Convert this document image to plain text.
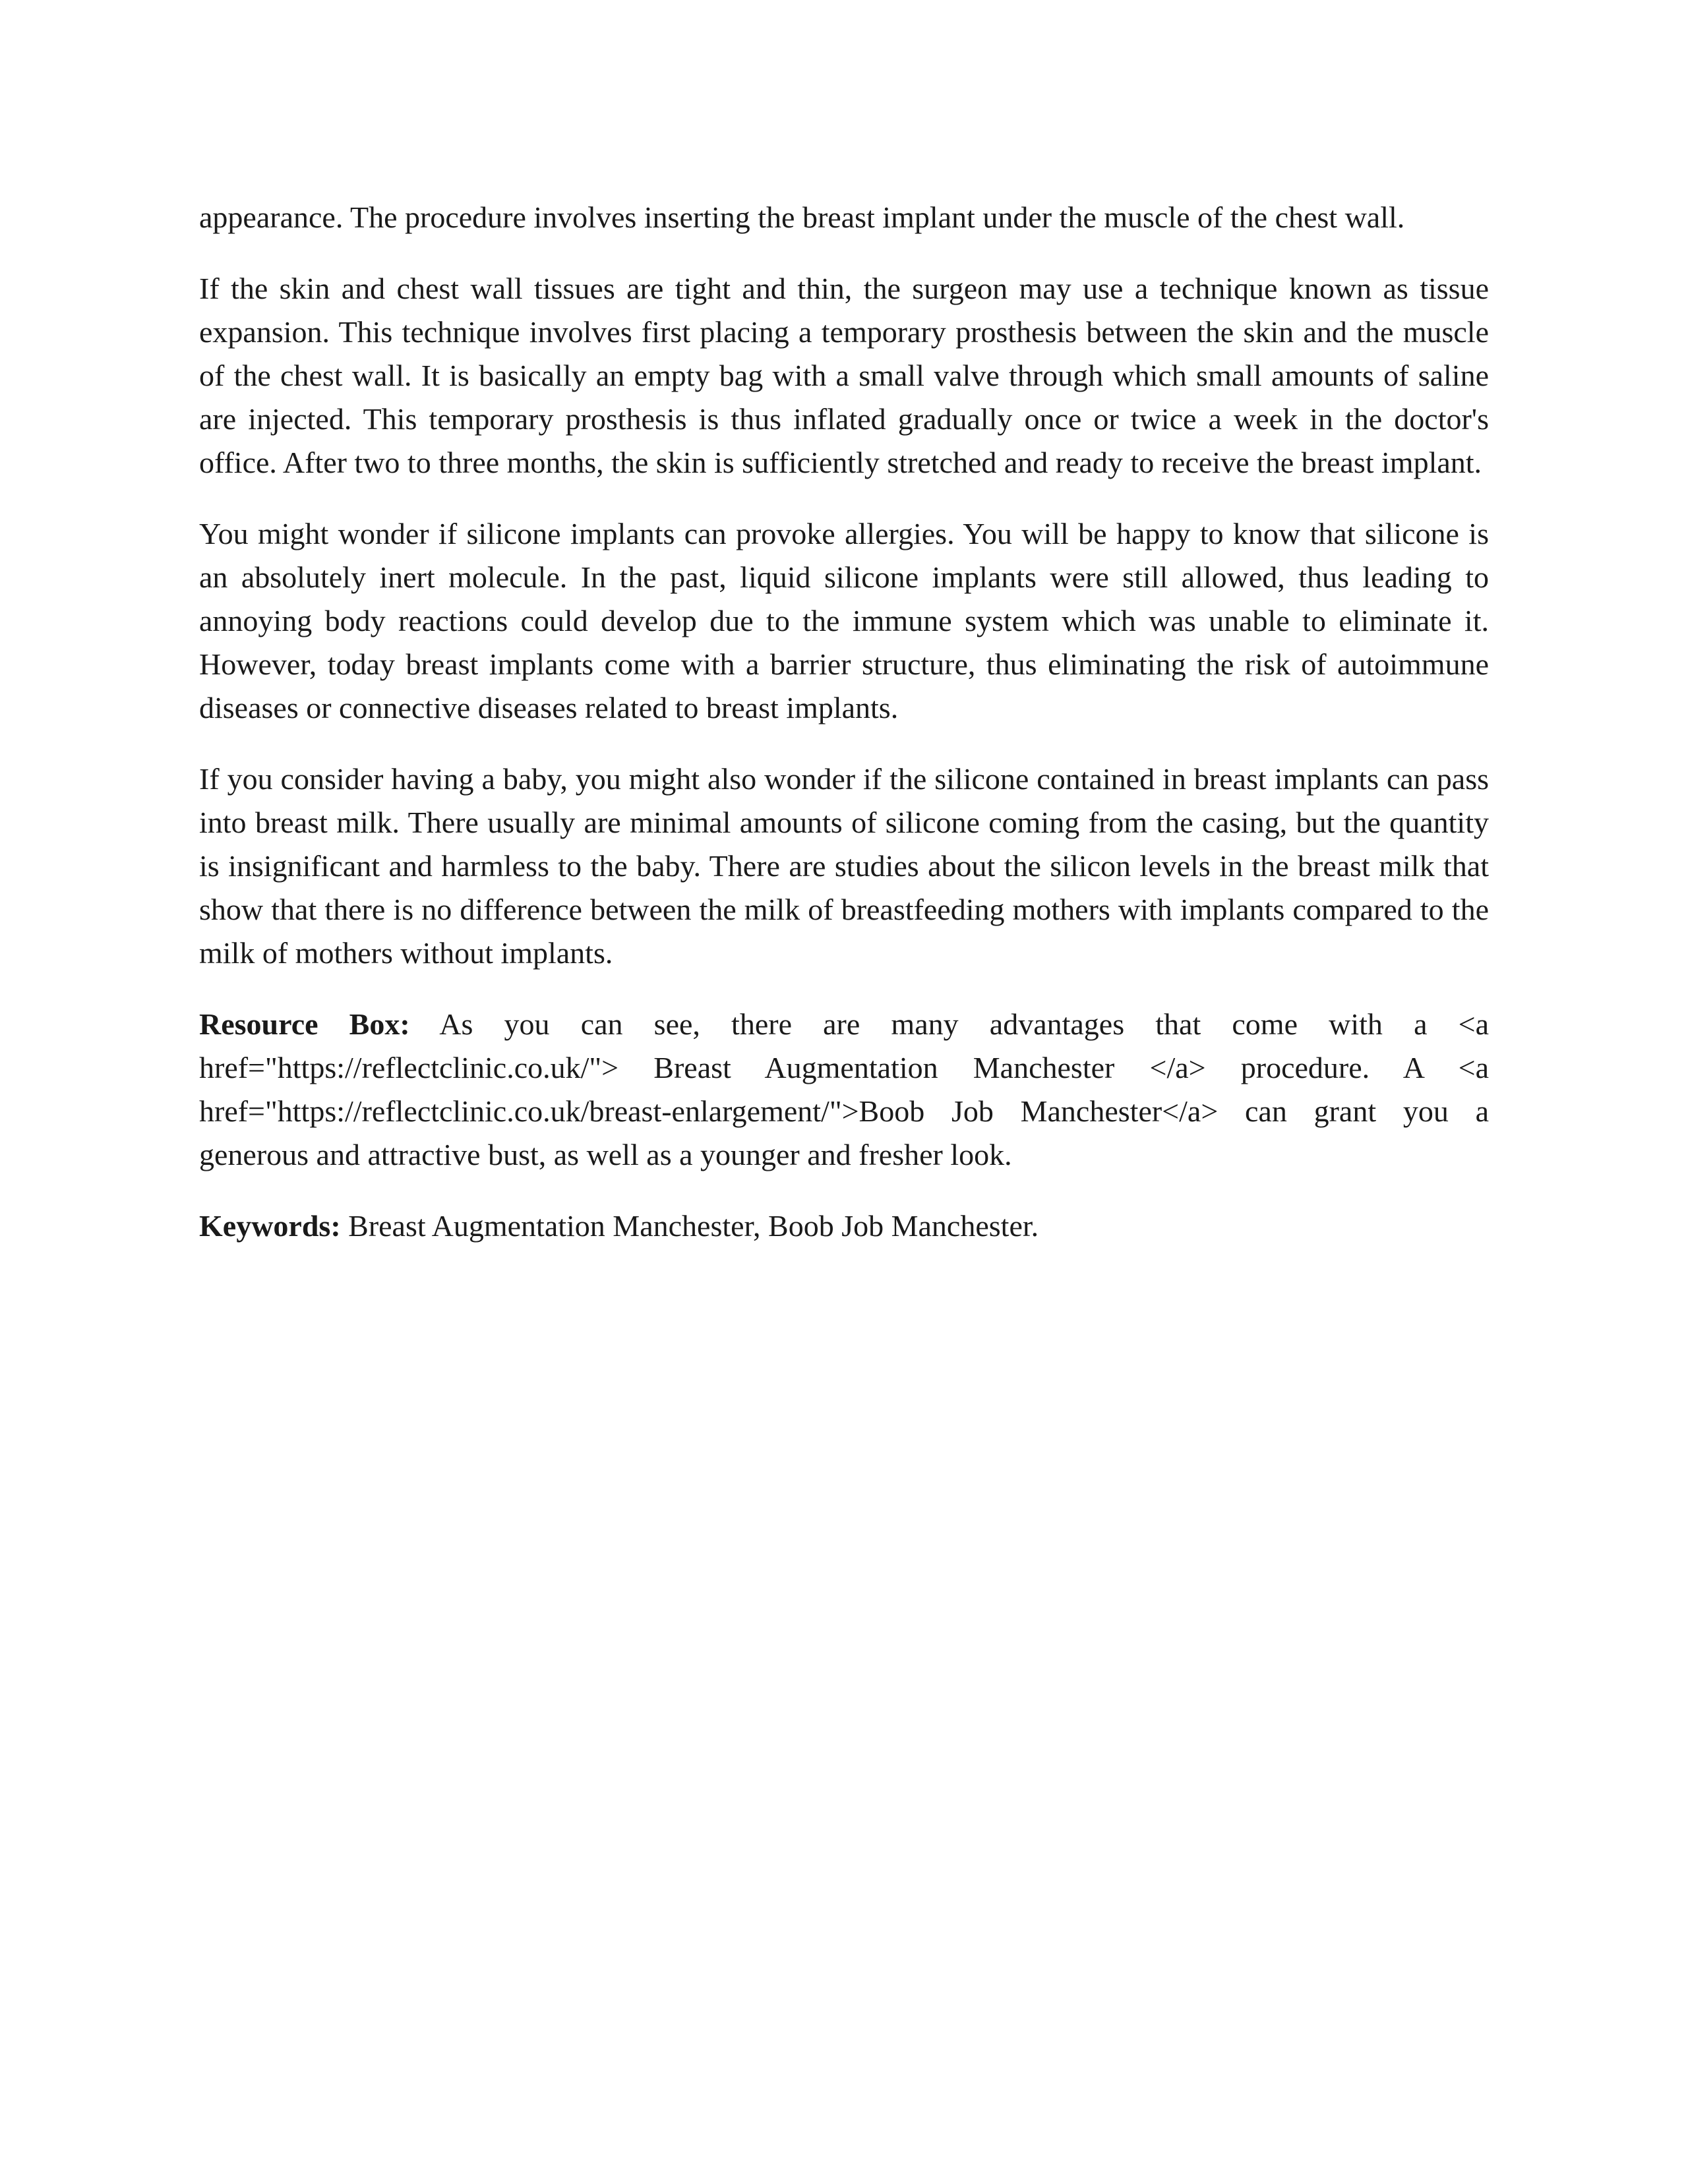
appearance. The procedure involves inserting the breast implant under the muscle of the chest wall.

If the skin and chest wall tissues are tight and thin, the surgeon may use a technique known as tissue expansion. This technique involves first placing a temporary prosthesis between the skin and the muscle of the chest wall. It is basically an empty bag with a small valve through which small amounts of saline are injected. This temporary prosthesis is thus inflated gradually once or twice a week in the doctor's office. After two to three months, the skin is sufficiently stretched and ready to receive the breast implant.

You might wonder if silicone implants can provoke allergies. You will be happy to know that silicone is an absolutely inert molecule. In the past, liquid silicone implants were still allowed, thus leading to annoying body reactions could develop due to the immune system which was unable to eliminate it. However, today breast implants come with a barrier structure, thus eliminating the risk of autoimmune diseases or connective diseases related to breast implants.

If you consider having a baby, you might also wonder if the silicone contained in breast implants can pass into breast milk. There usually are minimal amounts of silicone coming from the casing, but the quantity is insignificant and harmless to the baby. There are studies about the silicon levels in the breast milk that show that there is no difference between the milk of breastfeeding mothers with implants compared to the milk of mothers without implants.

Resource Box: As you can see, there are many advantages that come with a <a href="https://reflectclinic.co.uk/"> Breast Augmentation Manchester </a> procedure. A <a href="https://reflectclinic.co.uk/breast-enlargement/">Boob Job Manchester</a> can grant you a generous and attractive bust, as well as a younger and fresher look.

Keywords: Breast Augmentation Manchester, Boob Job Manchester.
